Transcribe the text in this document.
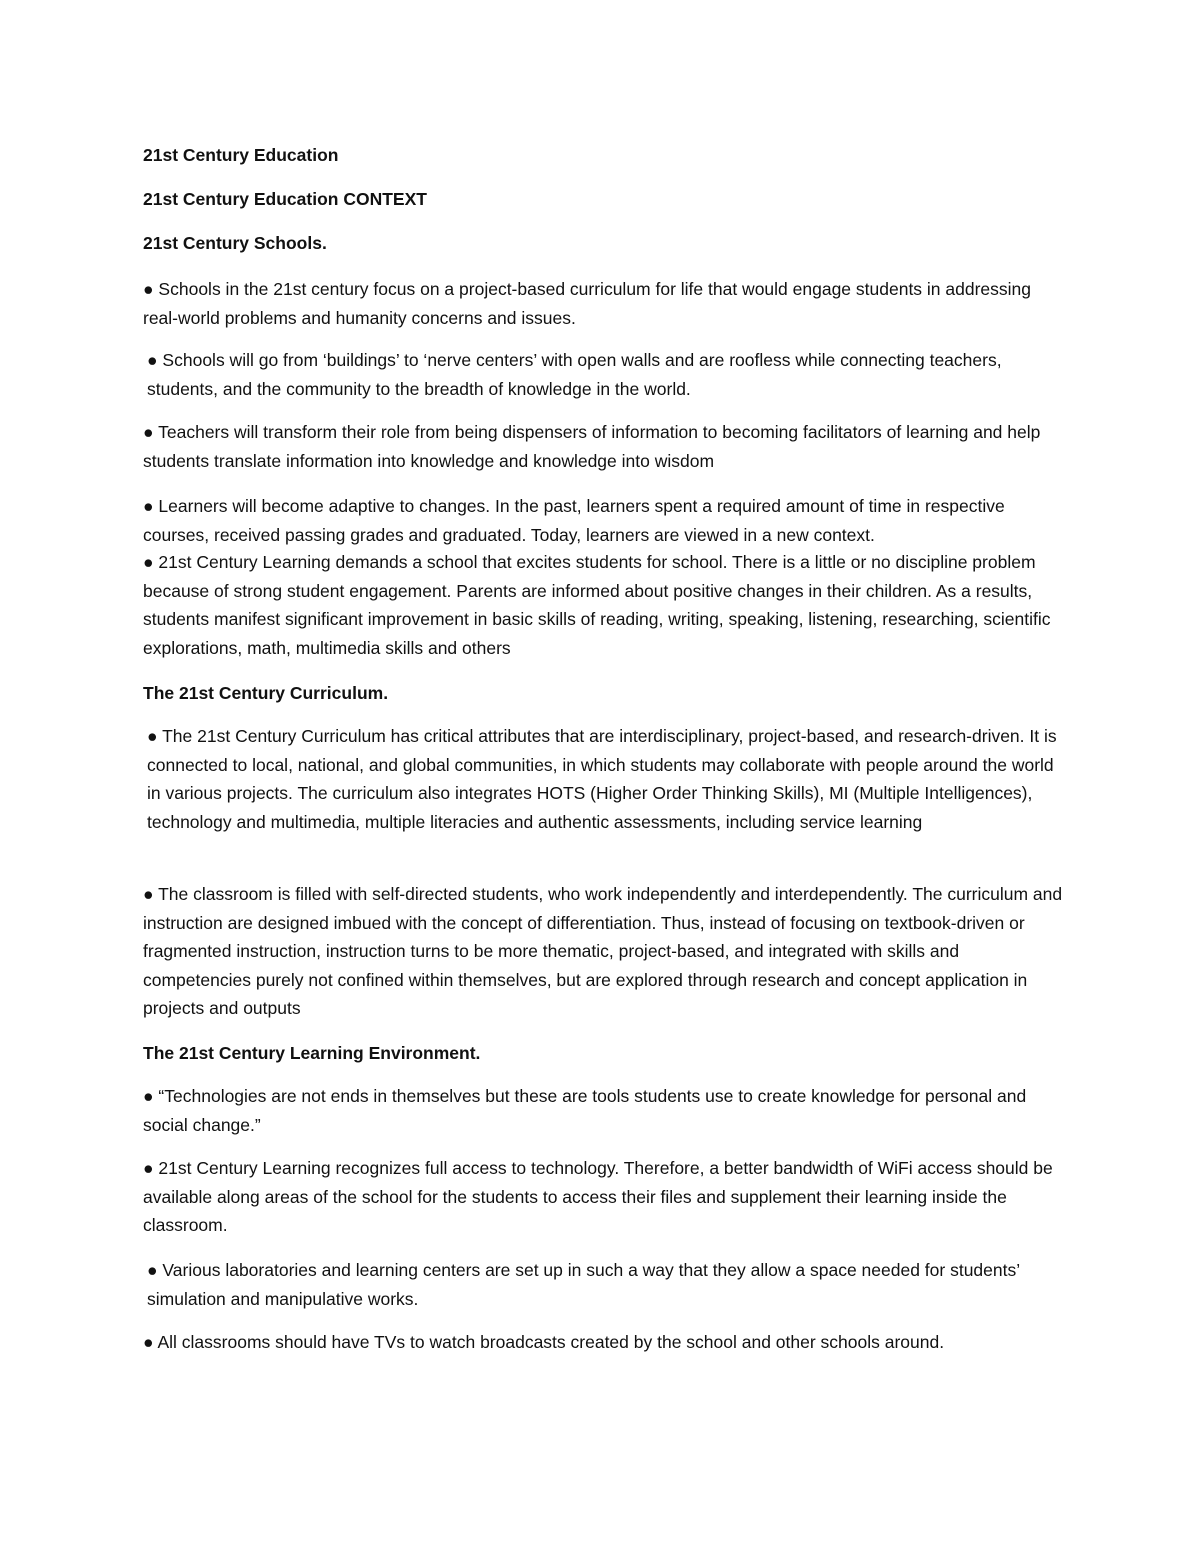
21st Century Education

21st Century Education CONTEXT

21st Century Schools.

● Schools in the 21st century focus on a project-based curriculum for life that would engage students in addressing real-world problems and humanity concerns and issues.

● Schools will go from ‘buildings’ to ‘nerve centers’ with open walls and are roofless while connecting teachers, students, and the community to the breadth of knowledge in the world.

● Teachers will transform their role from being dispensers of information to becoming facilitators of learning and help students translate information into knowledge and knowledge into wisdom

● Learners will become adaptive to changes. In the past, learners spent a required amount of time in respective courses, received passing grades and graduated. Today, learners are viewed in a new context.

● 21st Century Learning demands a school that excites students for school. There is a little or no discipline problem because of strong student engagement. Parents are informed about positive changes in their children. As a results, students manifest significant improvement in basic skills of reading, writing, speaking, listening, researching, scientific explorations, math, multimedia skills and others

The 21st Century Curriculum.

● The 21st Century Curriculum has critical attributes that are interdisciplinary, project-based, and research-driven. It is connected to local, national, and global communities, in which students may collaborate with people around the world in various projects. The curriculum also integrates HOTS (Higher Order Thinking Skills), MI (Multiple Intelligences), technology and multimedia, multiple literacies and authentic assessments, including service learning

● The classroom is filled with self-directed students, who work independently and interdependently. The curriculum and instruction are designed imbued with the concept of differentiation. Thus, instead of focusing on textbook-driven or fragmented instruction, instruction turns to be more thematic, project-based, and integrated with skills and competencies purely not confined within themselves, but are explored through research and concept application in projects and outputs

The 21st Century Learning Environment.

● “Technologies are not ends in themselves but these are tools students use to create knowledge for personal and social change.”

● 21st Century Learning recognizes full access to technology. Therefore, a better bandwidth of WiFi access should be available along areas of the school for the students to access their files and supplement their learning inside the classroom.

● Various laboratories and learning centers are set up in such a way that they allow a space needed for students’ simulation and manipulative works.

● All classrooms should have TVs to watch broadcasts created by the school and other schools around.
